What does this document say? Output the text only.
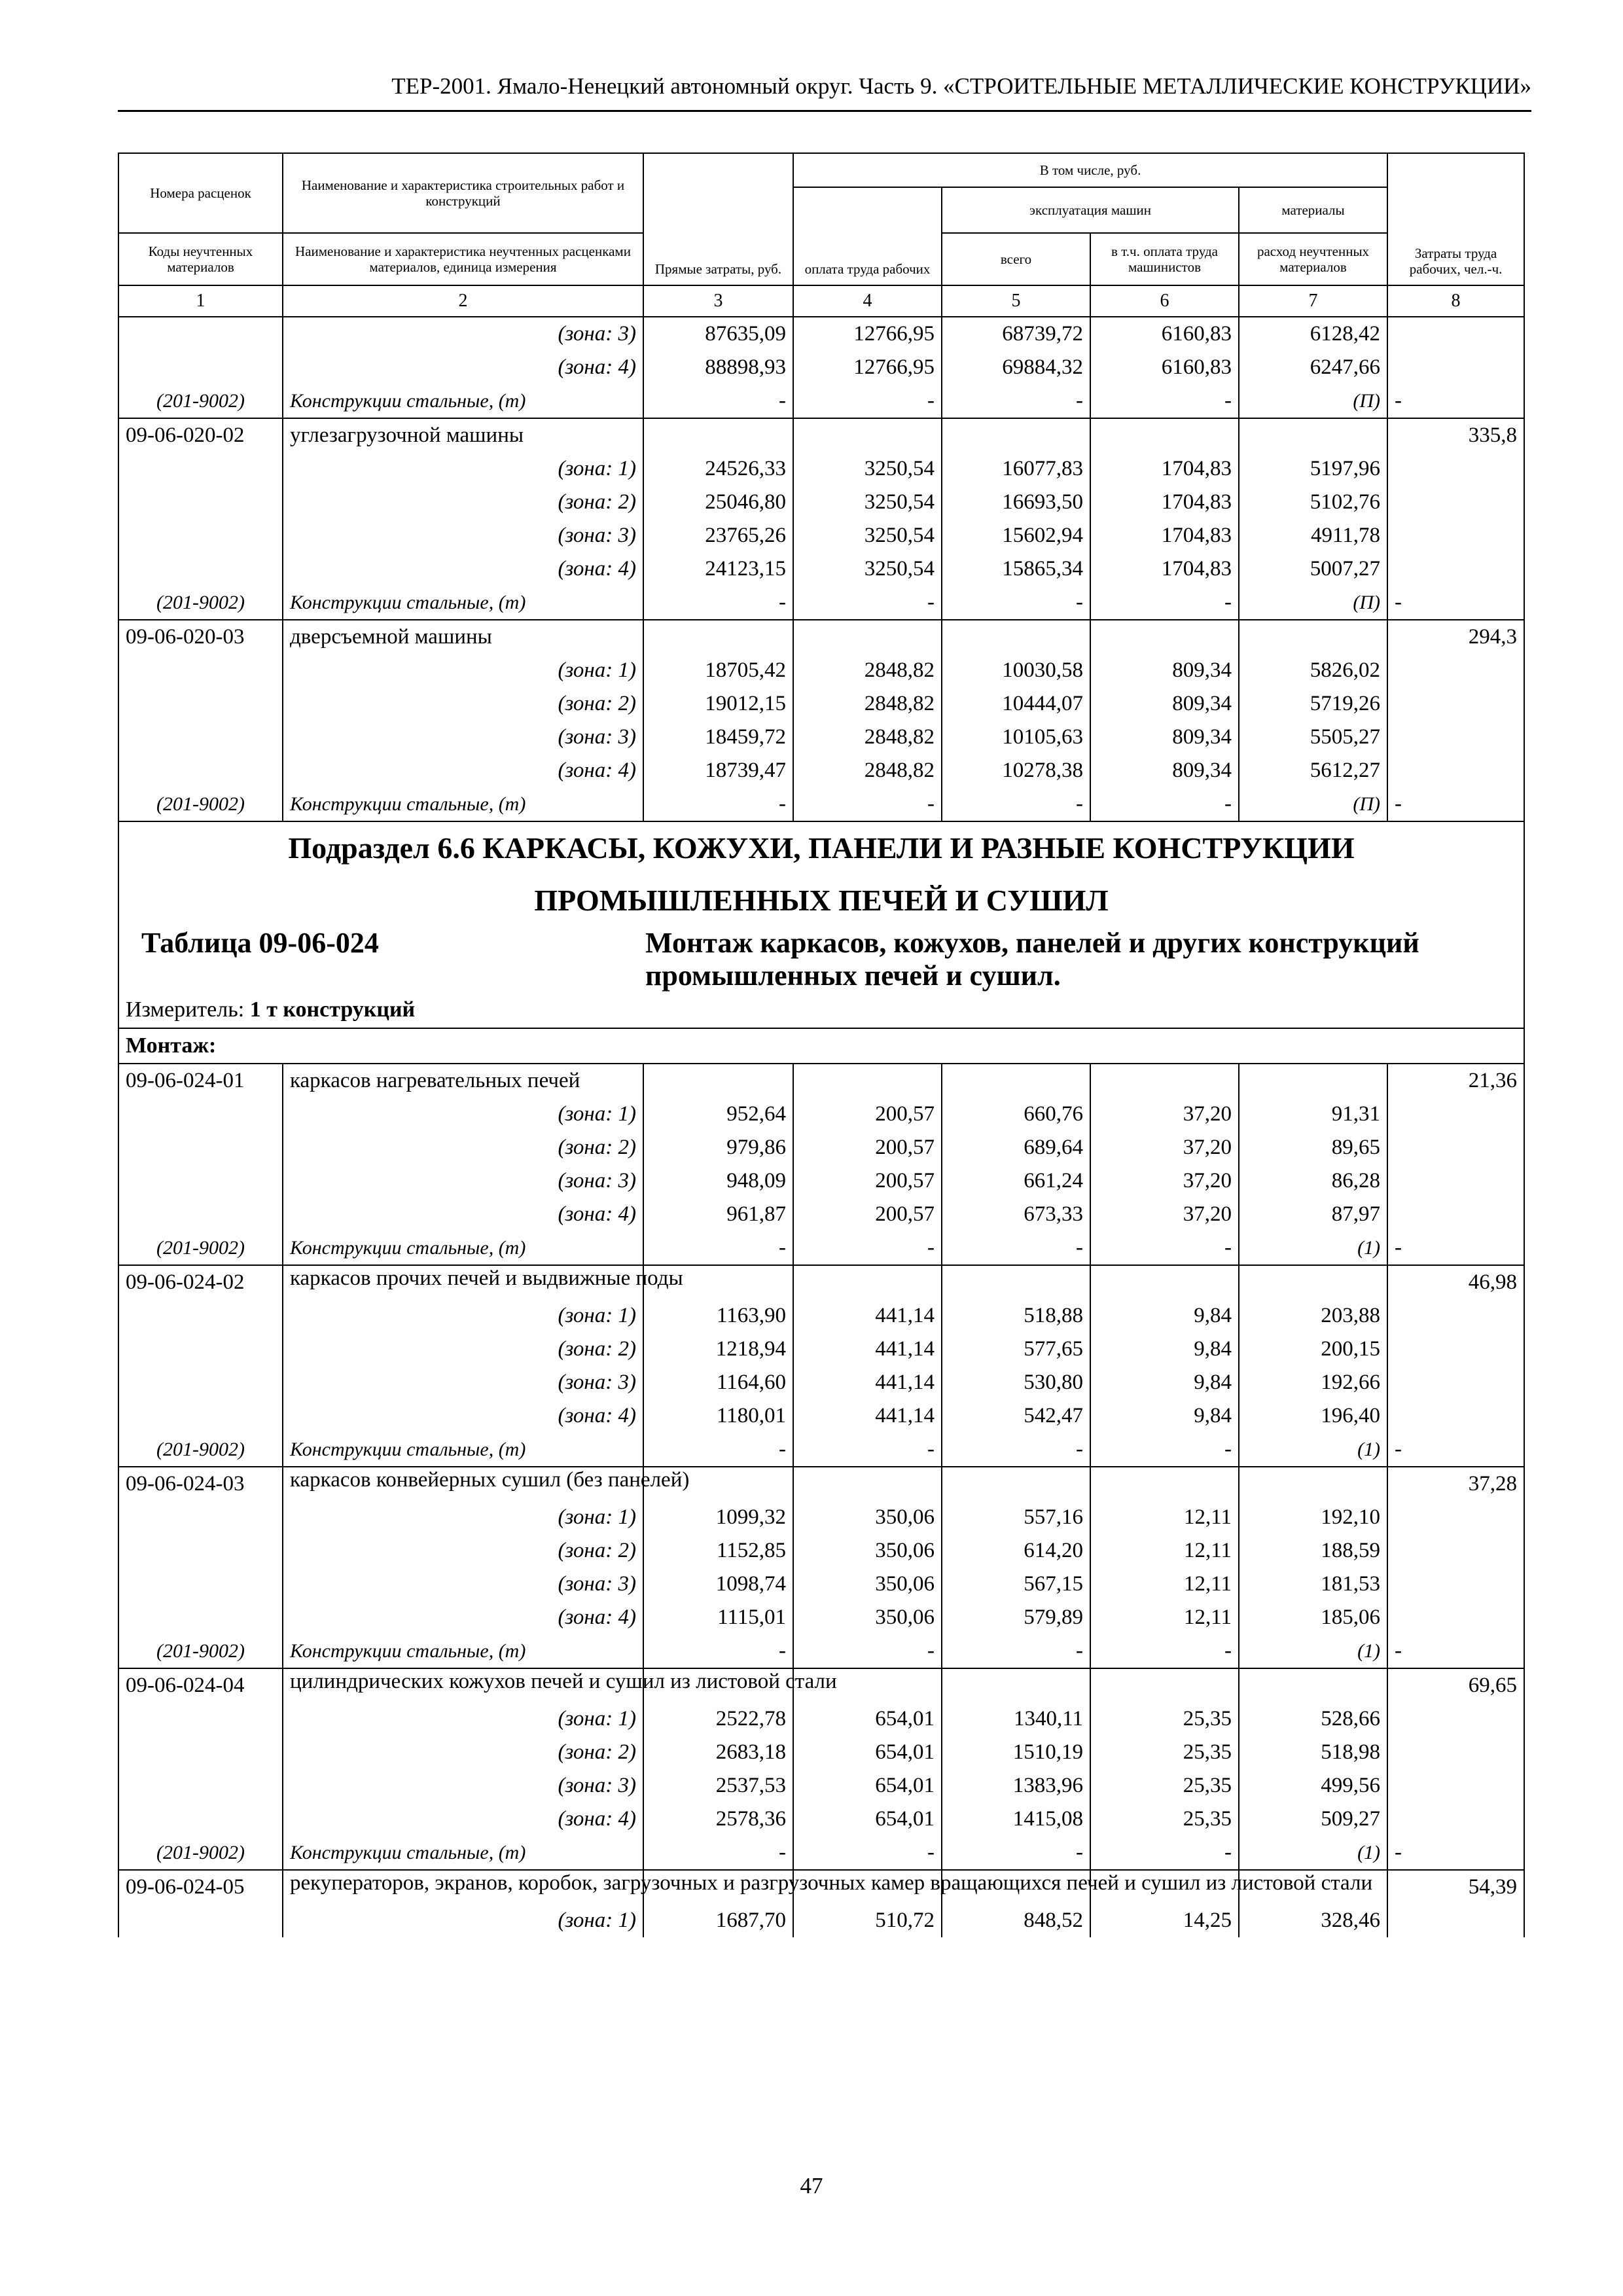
ТЕР-2001. Ямало-Ненецкий автономный округ. Часть 9. «СТРОИТЕЛЬНЫЕ МЕТАЛЛИЧЕСКИЕ КОНСТРУКЦИИ»
Номера расценок	Наименование и характеристика строительных работ и конструкций	Прямые затраты, руб.	В том числе, руб.				Затраты труда рабочих, чел.-ч.
			оплата труда рабочих	эксплуатация машин		материалы	
Коды неучтенных материалов	Наименование и характеристика неучтенных расценками материалов, единица измерения			всего	в т.ч. оплата труда машинистов	расход неучтенных материалов	
1	2	3	4	5	6	7	8
	(зона: 3)	87635,09	12766,95	68739,72	6160,83	6128,42	
	(зона: 4)	88898,93	12766,95	69884,32	6160,83	6247,66	
(201-9002)	Конструкции стальные, (т)	-	-	-	-	(П)	-
09-06-020-02	углезагрузочной машины						335,8
	(зона: 1)	24526,33	3250,54	16077,83	1704,83	5197,96	
	(зона: 2)	25046,80	3250,54	16693,50	1704,83	5102,76	
	(зона: 3)	23765,26	3250,54	15602,94	1704,83	4911,78	
	(зона: 4)	24123,15	3250,54	15865,34	1704,83	5007,27	
(201-9002)	Конструкции стальные, (т)	-	-	-	-	(П)	-
09-06-020-03	дверсъемной машины						294,3
	(зона: 1)	18705,42	2848,82	10030,58	809,34	5826,02	
	(зона: 2)	19012,15	2848,82	10444,07	809,34	5719,26	
	(зона: 3)	18459,72	2848,82	10105,63	809,34	5505,27	
	(зона: 4)	18739,47	2848,82	10278,38	809,34	5612,27	
(201-9002)	Конструкции стальные, (т)	-	-	-	-	(П)	-
Подраздел 6.6 КАРКАСЫ, КОЖУХИ, ПАНЕЛИ И РАЗНЫЕ КОНСТРУКЦИИ							
ПРОМЫШЛЕННЫХ ПЕЧЕЙ И СУШИЛ							
Таблица 09-06-024 Монтаж каркасов, кожухов, панелей и других конструкций промышленных печей и сушил.							
Измеритель: 1 т конструкций							
Монтаж:							
09-06-024-01	каркасов нагревательных печей						21,36
	(зона: 1)	952,64	200,57	660,76	37,20	91,31	
	(зона: 2)	979,86	200,57	689,64	37,20	89,65	
	(зона: 3)	948,09	200,57	661,24	37,20	86,28	
	(зона: 4)	961,87	200,57	673,33	37,20	87,97	
(201-9002)	Конструкции стальные, (т)	-	-	-	-	(1)	-
09-06-024-02	каркасов прочих печей и выдвижные поды						46,98
	(зона: 1)	1163,90	441,14	518,88	9,84	203,88	
	(зона: 2)	1218,94	441,14	577,65	9,84	200,15	
	(зона: 3)	1164,60	441,14	530,80	9,84	192,66	
	(зона: 4)	1180,01	441,14	542,47	9,84	196,40	
(201-9002)	Конструкции стальные, (т)	-	-	-	-	(1)	-
09-06-024-03	каркасов конвейерных сушил (без панелей)						37,28
	(зона: 1)	1099,32	350,06	557,16	12,11	192,10	
	(зона: 2)	1152,85	350,06	614,20	12,11	188,59	
	(зона: 3)	1098,74	350,06	567,15	12,11	181,53	
	(зона: 4)	1115,01	350,06	579,89	12,11	185,06	
(201-9002)	Конструкции стальные, (т)	-	-	-	-	(1)	-
09-06-024-04	цилиндрических кожухов печей и сушил из листовой стали						69,65
	(зона: 1)	2522,78	654,01	1340,11	25,35	528,66	
	(зона: 2)	2683,18	654,01	1510,19	25,35	518,98	
	(зона: 3)	2537,53	654,01	1383,96	25,35	499,56	
	(зона: 4)	2578,36	654,01	1415,08	25,35	509,27	
(201-9002)	Конструкции стальные, (т)	-	-	-	-	(1)	-
09-06-024-05	рекуператоров, экранов, коробок, загрузочных и разгрузочных камер вращающихся печей и сушил из листовой стали						54,39
	(зона: 1)	1687,70	510,72	848,52	14,25	328,46	
47
